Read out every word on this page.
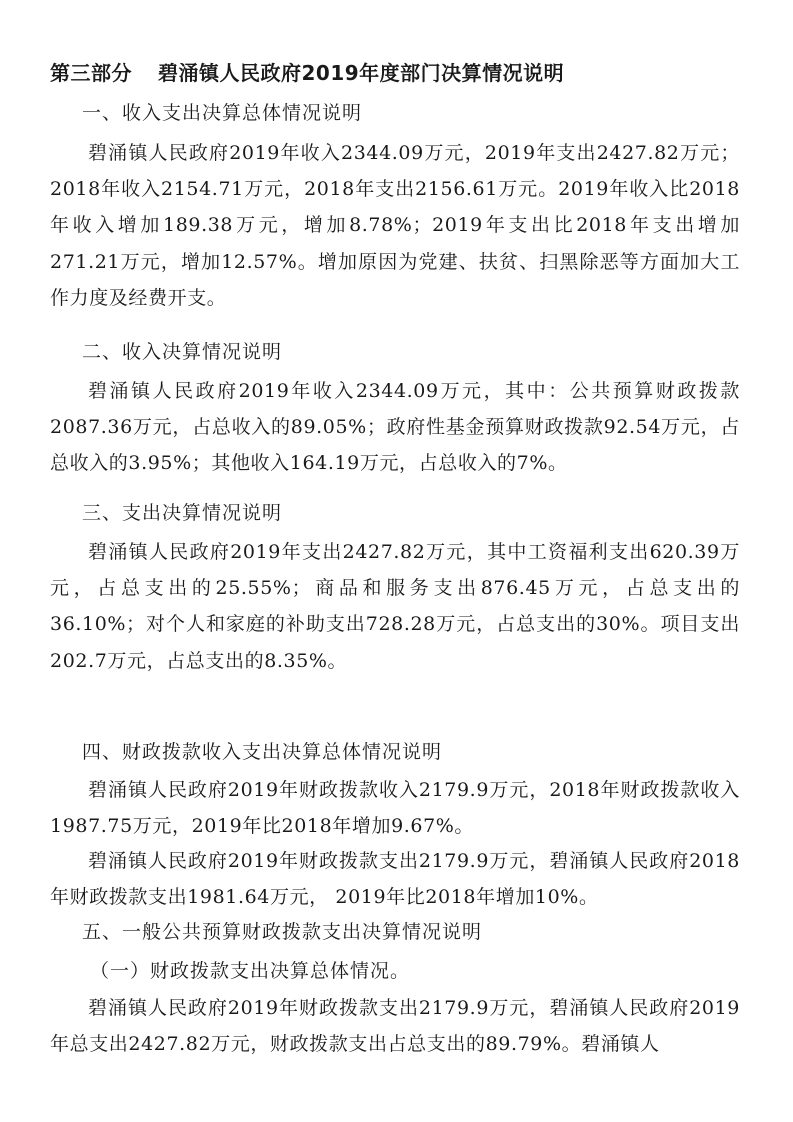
第三部分 碧涌镇人民政府2019年度部门决算情况说明
一、收入支出决算总体情况说明
碧涌镇人民政府2019年收入2344.09万元，2019年支出2427.82万元；2018年收入2154.71万元，2018年支出2156.61万元。2019年收入比2018年收入增加189.38万元，增加8.78%；2019年支出比2018年支出增加271.21万元，增加12.57%。增加原因为党建、扶贫、扫黑除恶等方面加大工作力度及经费开支。
二、收入决算情况说明
碧涌镇人民政府2019年收入2344.09万元，其中：公共预算财政拨款2087.36万元，占总收入的89.05%；政府性基金预算财政拨款92.54万元，占总收入的3.95%；其他收入164.19万元，占总收入的7%。
三、支出决算情况说明
碧涌镇人民政府2019年支出2427.82万元，其中工资福利支出620.39万元，占总支出的25.55%；商品和服务支出876.45万元，占总支出的36.10%；对个人和家庭的补助支出728.28万元，占总支出的30%。项目支出202.7万元，占总支出的8.35%。
四、财政拨款收入支出决算总体情况说明
碧涌镇人民政府2019年财政拨款收入2179.9万元，2018年财政拨款收入1987.75万元，2019年比2018年增加9.67%。
碧涌镇人民政府2019年财政拨款支出2179.9万元，碧涌镇人民政府2018年财政拨款支出1981.64万元， 2019年比2018年增加10%。
五、一般公共预算财政拨款支出决算情况说明
（一）财政拨款支出决算总体情况。
碧涌镇人民政府2019年财政拨款支出2179.9万元，碧涌镇人民政府2019年总支出2427.82万元，财政拨款支出占总支出的89.79%。碧涌镇人
